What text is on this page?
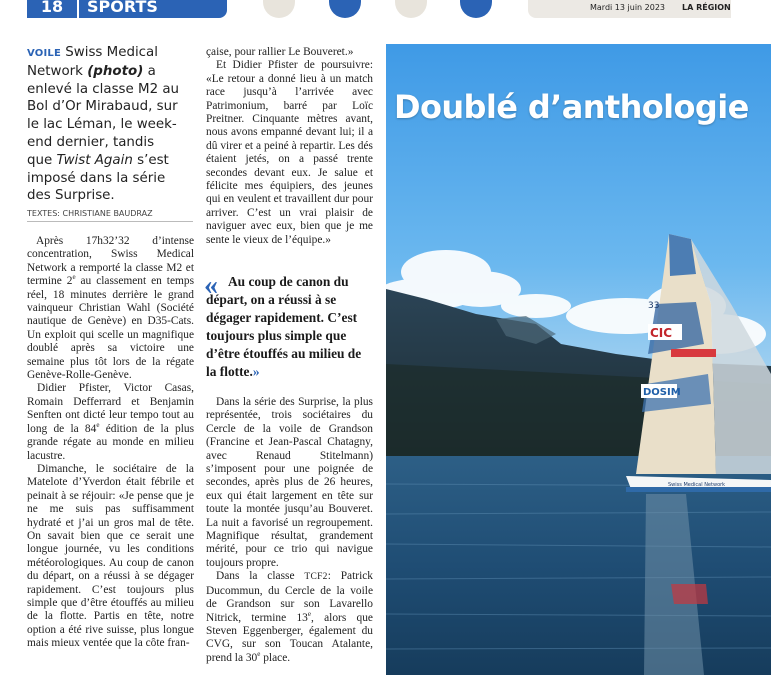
18	SPORTS	Mardi 13 juin 2023 LA RÉGION
VOILE Swiss Medical Network (photo) a enlevé la classe M2 au Bol d’Or Mirabaud, sur le lac Léman, le week-end dernier, tandis que Twist Again s’est imposé dans la série des Surprise.
TEXTES: CHRISTIANE BAUDRAZ

Après 17h32’32 d’intense concentration, Swiss Medical Network a remporté la classe M2 et termine 2e au classement en temps réel, 18 minutes derrière le grand vainqueur Christian Wahl (Société nautique de Genève) en D35-Cats. Un exploit qui scelle un magnifique doublé après sa victoire une semaine plus tôt lors de la régate Genève-Rolle-Genève.

Didier Pfister, Victor Casas, Romain Defferrard et Benjamin Senften ont dicté leur tempo tout au long de la 84e édition de la plus grande régate au monde en milieu lacustre.

Dimanche, le sociétaire de la Matelote d’Yverdon était fébrile et peinait à se réjouir: «Je pense que je ne me suis pas suffisamment hydraté et j’ai un gros mal de tête. On savait bien que ce serait une longue journée, vu les conditions météorologiques. Au coup de canon du départ, on a réussi à se dégager rapidement. C’est toujours plus simple que d’être étouffés au milieu de la flotte. Partis en tête, notre option a été rive suisse, plus longue mais mieux ventée que la côte fran-

çaise, pour rallier Le Bouveret.»

Et Didier Pfister de poursuivre: «Le retour a donné lieu à un match race jusqu’à l’arrivée avec Patrimonium, barré par Loïc Preitner. Cinquante mètres avant, nous avons empanné devant lui; il a dû virer et a peiné à repartir. Les dés étaient jetés, on a passé trente secondes devant eux. Je salue et félicite mes équipiers, des jeunes qui en veulent et travaillent dur pour arriver. C’est un vrai plaisir de naviguer avec eux, bien que je me sente le vieux de l’équipe.»

« Au coup de canon du départ, on a réussi à se dégager rapidement. C’est toujours plus simple que d’être étouffés au milieu de la flotte.»

Dans la série des Surprise, la plus représentée, trois sociétaires du Cercle de la voile de Grandson (Francine et Jean-Pascal Chatagny, avec Renaud Stitelmann) s’imposent pour une poignée de secondes, après plus de 26 heures, eux qui était largement en tête sur toute la montée jusqu’au Bouveret. La nuit a favorisé un regroupement. Magnifique résultat, grandement mérité, pour ce trio qui navigue toujours propre.

Dans la classe TCF2: Patrick Ducommun, du Cercle de la voile de Grandson sur son Lavarello Nitrick, termine 13e, alors que Steven Eggenberger, également du CVG, sur son Toucan Atalante, prend la 30e place.

33
CIC
DOSIM
Swiss Medical Network
Doublé d’anthologie
